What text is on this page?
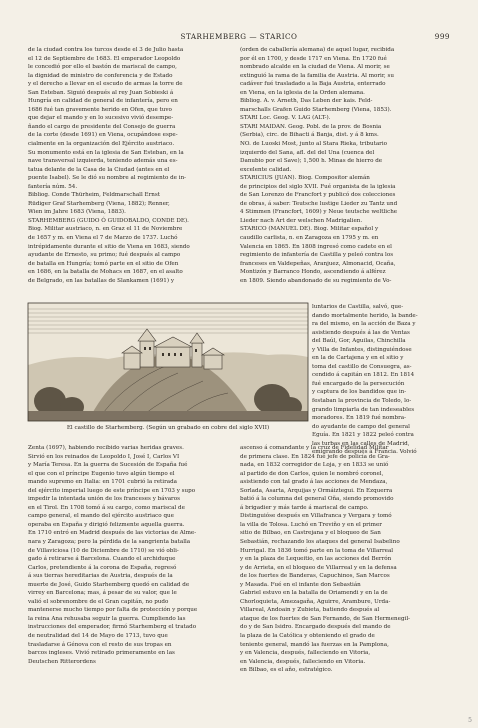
STARHEMBERG — STARICO	999
de la ciudad contra los turcos desde el 3 de Julio hasta
el 12 de Septiembre de 1683. El emperador Leopoldo
le concedió por ello el bastón de mariscal de campo,
la dignidad de ministro de conferencia y de Estado
y el derecho a llevar en el escudo de armas la torre de
San Esteban. Siguió después al rey Juan Sobieski á
Hungría en calidad de general de infantería, pero en
1686 fué tan gravemente herido en Ofen, que tuvo
que dejar el mando y en lo sucesivo vivió desempe-
ñando el cargo de presidente del Consejo de guerra
de la corte (desde 1691) en Viena, ocupándose espe-
cialmente en la organización del Ejército austriaco.
Su monumento está en la iglesia de San Esteban, en la
nave transversal izquierda, teniendo además una es-
tatua delante de la Casa de la Ciudad (antes en el
puente Isabel). Se le dió su nombre al regimiento de in-
fantería núm. 54.
Bibliog. Conde Thürheim, Feldmarschall Ernst
Rüdiger Graf Starhemberg (Viena, 1882); Renner,
Wien im Jahre 1683 (Viena, 1883).
STARHEMBERG (GUIDO Ó GUIDOBALDO, CONDE DE).
Biog. Militar austriaco, n. en Graz el 11 de Noviembre
de 1657 y m. en Viena el 7 de Marzo de 1737. Luchó
intrépidamente durante el sitio de Viena en 1683, siendo
ayudante de Ernesto, su primo; fué después al campo
de batalla en Hungría; tomó parte en el sitio de Ofen
en 1686, en la batalla de Mohacs en 1687, en el asalto
de Belgrado, en las batallas de Slankamen (1691) y
(orden de caballería alemana) de aquel lugar, recibida
por él en 1700, y desde 1717 en Viena. En 1720 fué
nombrado alcalde en la ciudad de Viena. Al morir, se
extinguió la rama de la familia de Austria. Al morir, su
cadáver fué trasladado a la Baja Austria, enterrado
en Viena, en la iglesia de la Orden alemana.
Bibliog. A. v. Arneth, Das Leben der kais. Feld-
marschalls Grafen Guido Starhemberg (Viena, 1853).
STARI Loc. Geog. V. LAG (ALT-).
STARI MAIDAN. Geog. Pobl. de la prov. de Bosnia
(Serbia), circ. de Bihacti á Banja, dist. y á 8 kms.
NO. de Luoski Most, junto al Stara Rieka, tributario
izquierdo del Sana, afl. del del Una (cuenca del
Danubio por el Save); 1,500 h. Minas de hierro de
excelente calidad.
STARICIUS (JUAN). Biog. Compositor alemán
de principios del siglo XVII. Fué organista de la iglesia
de San Lorenzo de Francfort y publicó dos colecciones
de obras, á saber: Teutsche lustige Lieder zu Tantz und
4 Stimmen (Francfort, 1609) y Neue teutsche weltliche
Lieder nach Art der welschen Madrigalien.
STARICO (MANUEL DE). Biog. Militar español y
caudillo carlista, n. en Zaragoza en 1795 y m. en
Valencia en 1865. En 1808 ingresó como cadete en el
regimiento de infantería de Castilla y peleó contra los
franceses en Valdepeñas, Aranjuez, Almonacid, Ocaña,
Montizón y Barranco Hondo, ascendiendo á alférez
en 1809. Siendo abandonado de su regimiento de Vo-
El castillo de Starhemberg. (Según un grabado en cobre del siglo XVII)
luntarios de Castilla, salvó, que-
dando mortalmente herido, la bande-
ra del mismo, en la acción de Baza y
asistiendo después á las de Ventas
del Baúl, Gor, Aguilas, Chinchilla
y Villa de Infantes, distinguiéndose
en la de Cartajena y en el sitio y
toma del castillo de Consuegra, as-
cendido á capitán en 1812. En 1814
fué encargado de la persecución
y captura de los bandidos que in-
festaban la provincia de Toledo, lo-
grando limpiarla de tan indeseables
moradores. En 1819 fué nombra-
do ayudante de campo del general
Eguía. En 1821 y 1822 peleó contra
las turbas en las calles de Madrid,
emigrando después á Francia. Volvió
Zenta (1697), habiendo recibido varias heridas graves.
Sirvió en los reinados de Leopoldo I, José I, Carlos VI
y María Teresa. En la guerra de Sucesión de España fué
el que con el príncipe Eugenio tuvo algún tiempo el
mando supremo en Italia: en 1701 cubrió la retirada
del ejército imperial luego de este príncipe en 1703 y supo
impedir la intentada unión de los franceses y bávaros
en el Tirol. En 1708 tomó á su cargo, como mariscal de
campo general, el mando del ejército austriaco que
operaba en España y dirigió felizmente aquella guerra.
En 1710 entró en Madrid después de las victorias de Alme-
nara y Zaragoza; pero la pérdida de la sangrienta batalla
de Villaviciosa (10 de Diciembre de 1710) se vió obli-
gado á retirarse á Barcelona. Cuando el archiduque
Carlos, pretendiente á la corona de España, regresó
á sus tierras hereditarias de Austria, después de la
muerte de José, Guido Starhemberg quedó en calidad de
virrey en Barcelona; mas, á pesar de su valor, que le
valió el sobrenombre de el Gran capitán, no pudo
mantenerse mucho tiempo por falta de protección y porque
la reina Ana rehusaba seguir la guerra. Cumpliendo las
instrucciones del emperador, firmó Starhemberg el tratado
de neutralidad del 14 de Mayo de 1713, tuvo que
trasladarse á Génova con el resto de sus tropas en
barcos ingleses. Vivió retirado primeramente en las
Deutschen Ritterordens
ascenso á comandante y la cruz de Fidelidad Militar
de primera clase. En 1824 fué jefe de policía de Gra-
nada, en 1832 corregidor de Loja, y en 1833 se unió
al partido de don Carlos, quien le nombró coronel,
asistiendo con tal grado á las acciones de Mendaza,
Sorlada, Asarta, Arquijas y Ormáiztegui. En Ezquerra
batió á la columna del general Oña, siendo promovido
á brigadier y más tarde á mariscal de campo.
Distinguióse después en Villafranca y Vergara y tomó
la villa de Tolosa. Luchó en Treviño y en el primer
sitio de Bilbao, en Castrejana y el bloqueo de San
Sebastián, rechazando los ataques del general Isabelino
Hurrigal. En 1836 tomó parte en la toma de Villarreal
y en la plaza de Lequeitio, en las acciones del Berrón
y de Arrieta, en el bloqueo de Villarreal y en la defensa
de los fuertes de Banderas, Capuchinos, San Marcos
y Masada. Fué en el infante don Sebastián
Gabriel estuvo en la batalla de Oriamendi y en la de
Chorloquieta, Amezagaña, Aguirre, Arambure, Urda-
Villareal, Andoain y Zubieta, batiendo después al
ataque de los fuertes de San Fernando, de San Hermenegil-
do y de San Isidro. Encargado después del mando de
la plaza de la Católica y obteniendo el grado de
teniente general, mandó las fuerzas en la Pamplona,
y en Valencia, después, falleciendo en Vitoria,
en Valencia, después, falleciendo en Vitoria.
en Bilbao, es el año, estratégico.
5
